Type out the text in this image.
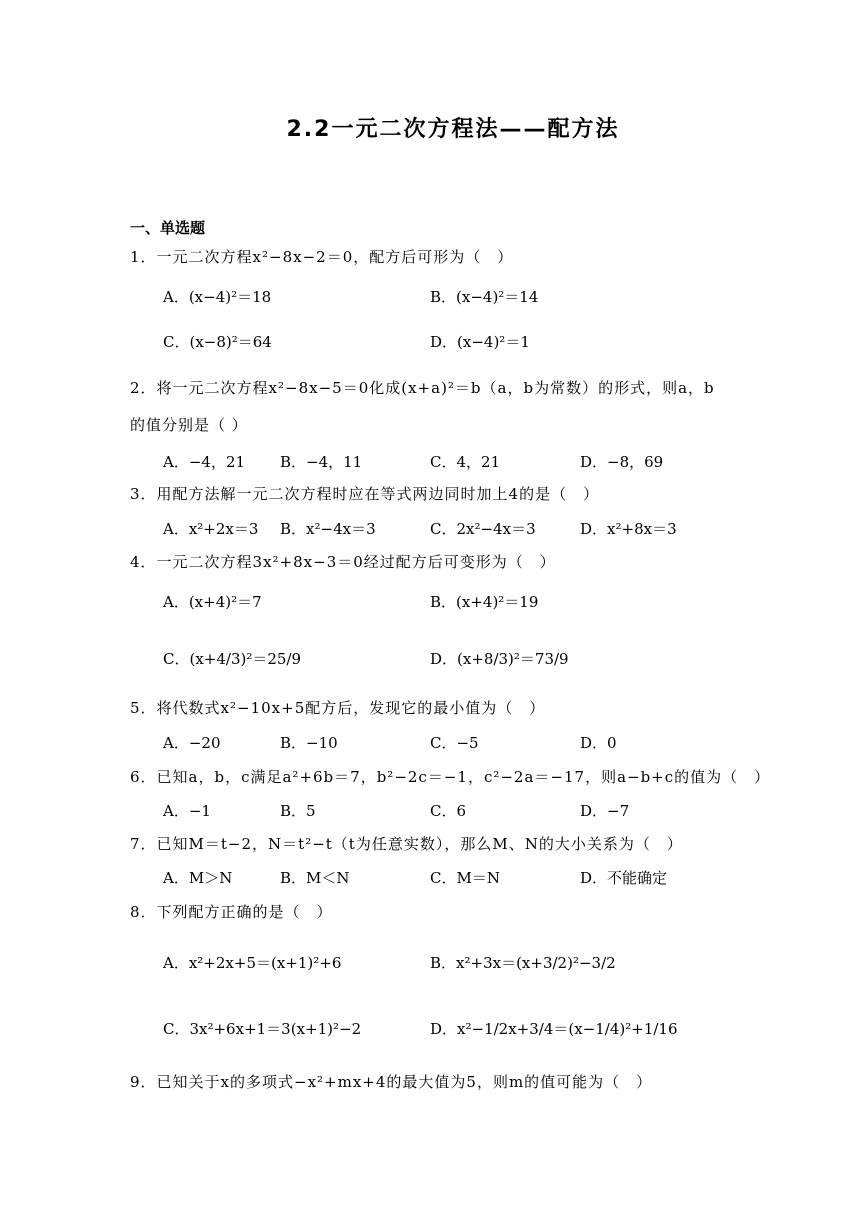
2.2一元二次方程法——配方法
一、单选题
1．一元二次方程x²−8x−2＝0，配方后可形为（　）
A．(x−4)²＝18	B．(x−4)²＝14
C．(x−8)²＝64	D．(x−4)²＝1
2．将一元二次方程x²−8x−5＝0化成(x+a)²＝b（a，b为常数）的形式，则a，b
的值分别是（ ）
A．−4，21 B．−4，11	C．4，21	D．−8，69
3．用配方法解一元二次方程时应在等式两边同时加上4的是（　）
A．x²+2x＝3 B．x²−4x＝3	C．2x²−4x＝3	D．x²+8x＝3
4．一元二次方程3x²+8x−3＝0经过配方后可变形为（　）
A．(x+4)²＝7	B．(x+4)²＝19
C．(x+4/3)²＝25/9	D．(x+8/3)²＝73/9
5．将代数式x²−10x+5配方后，发现它的最小值为（　）
A．−20	B．−10	C．−5	D．0
6．已知a，b，c满足a²+6b＝7，b²−2c＝−1，c²−2a＝−17，则a−b+c的值为（　）
A．−1	B．5	C．6	D．−7
7．已知M＝t−2，N＝t²−t（t为任意实数），那么M、N的大小关系为（　）
A．M＞N	B．M＜N	C．M＝N	D．不能确定
8．下列配方正确的是（　）
A．x²+2x+5＝(x+1)²+6	B．x²+3x＝(x+3/2)²−3/2
C．3x²+6x+1＝3(x+1)²−2	D．x²−1/2x+3/4＝(x−1/4)²+1/16
9．已知关于x的多项式−x²+mx+4的最大值为5，则m的值可能为（　）
